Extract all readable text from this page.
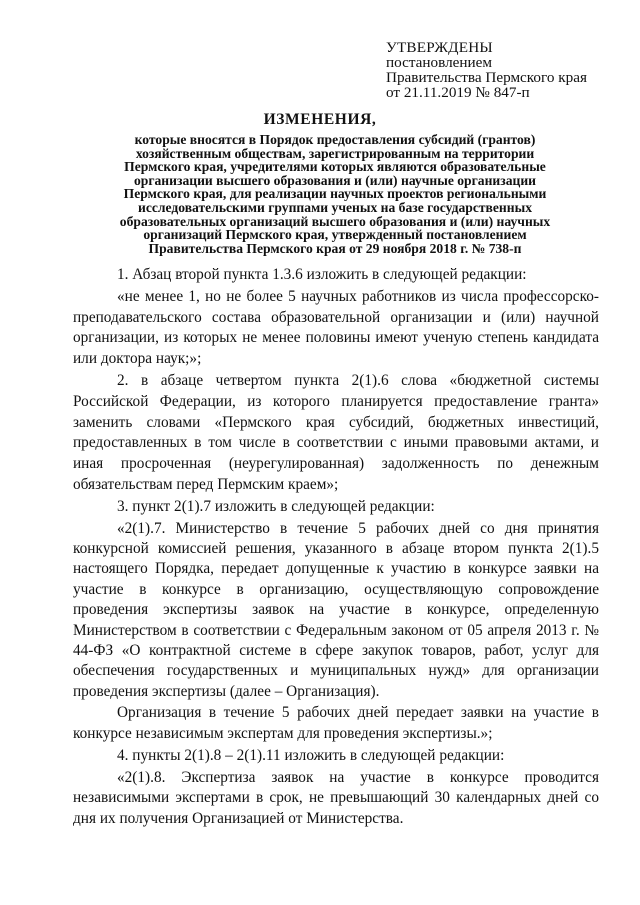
УТВЕРЖДЕНЫ
постановлением
Правительства Пермского края
от 21.11.2019 № 847-п
ИЗМЕНЕНИЯ,
которые вносятся в Порядок предоставления субсидий (грантов)
хозяйственным обществам, зарегистрированным на территории
Пермского края, учредителями которых являются образовательные
организации высшего образования и (или) научные организации
Пермского края, для реализации научных проектов региональными
исследовательскими группами ученых на базе государственных
образовательных организаций высшего образования и (или) научных
организаций Пермского края, утвержденный постановлением
Правительства Пермского края от 29 ноября 2018 г. № 738-п

1. Абзац второй пункта 1.3.6 изложить в следующей редакции:

«не менее 1, но не более 5 научных работников из числа профессорско-преподавательского состава образовательной организации и (или) научной организации, из которых не менее половины имеют ученую степень кандидата или доктора наук;»;

2. в абзаце четвертом пункта 2(1).6 слова «бюджетной системы Российской Федерации, из которого планируется предоставление гранта» заменить словами «Пермского края субсидий, бюджетных инвестиций, предоставленных в том числе в соответствии с иными правовыми актами, и иная просроченная (неурегулированная) задолженность по денежным обязательствам перед Пермским краем»;

3. пункт 2(1).7 изложить в следующей редакции:

«2(1).7. Министерство в течение 5 рабочих дней со дня принятия конкурсной комиссией решения, указанного в абзаце втором пункта 2(1).5 настоящего Порядка, передает допущенные к участию в конкурсе заявки на участие в конкурсе в организацию, осуществляющую сопровождение проведения экспертизы заявок на участие в конкурсе, определенную Министерством в соответствии с Федеральным законом от 05 апреля 2013 г. № 44-ФЗ «О контрактной системе в сфере закупок товаров, работ, услуг для обеспечения государственных и муниципальных нужд» для организации проведения экспертизы (далее – Организация).

Организация в течение 5 рабочих дней передает заявки на участие в конкурсе независимым экспертам для проведения экспертизы.»;

4. пункты 2(1).8 – 2(1).11 изложить в следующей редакции:

«2(1).8. Экспертиза заявок на участие в конкурсе проводится независимыми экспертами в срок, не превышающий 30 календарных дней со дня их получения Организацией от Министерства.
